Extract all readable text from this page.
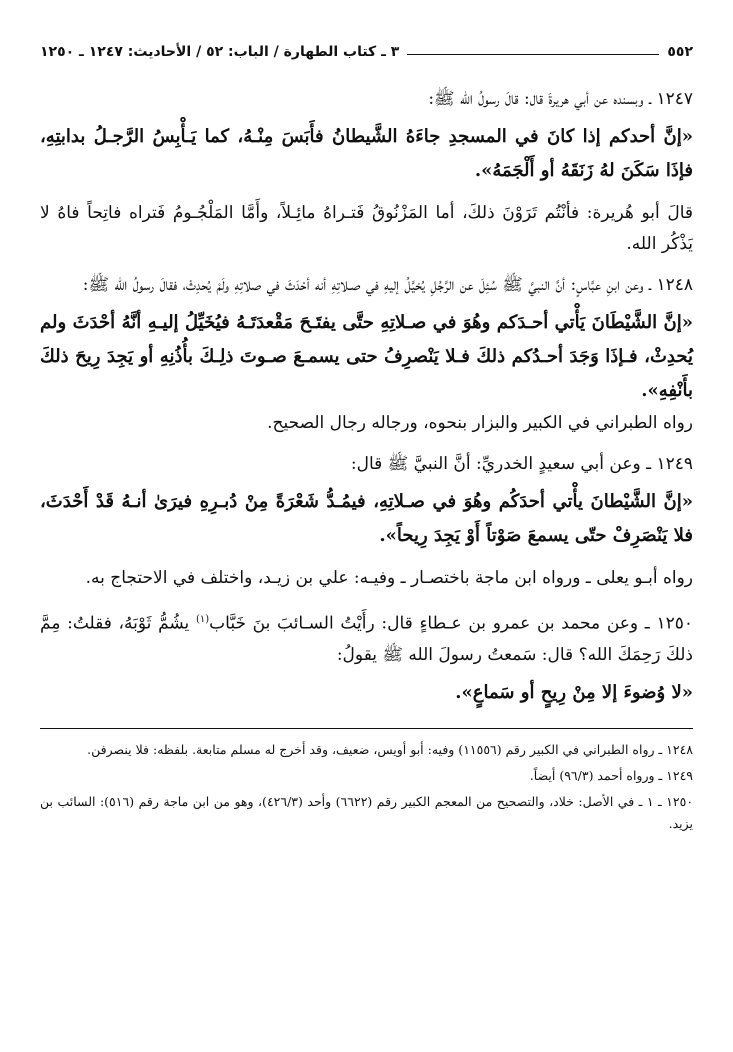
٥٥٢
٣ ـ كتاب الطهارة / الباب: ٥٢ / الأحاديث: ١٢٤٧ ـ ١٢٥٠

١٢٤٧ ـ وبسنده عن أبي هريرةَ قال: قالَ رسولُ الله ﷺ:

«إنَّ أحدكم إذا كانَ في المسجدِ جاءَهُ الشَّيطانُ فأَبَسَ مِنْـهُ، كما يَـأْبِسُ الرَّجـلُ بدابتِهِ، فإذَا سَكَنَ لهُ زَنَقَهُ أو أَلْجَمَهُ».

قالَ أبو هُريرة: فأنْتُم تَرَوْنَ ذلكَ، أما المَزْنُوقُ فَتـراهُ مائِـلاً، وأَمَّا المَلْجُـومُ فَتراه فاتِحاً فاهُ لا يَذْكُر الله.

١٢٤٨ ـ وعن ابنِ عبَّاسٍ: أنَّ النبيَّ ﷺ سُئِلَ عن الرَّجُلِ يُخيَّلُ إليهِ في صـلاتِهِ أنه أحْدَثَ في صلاتِهِ ولَمْ يُحدِثْ، فقالَ رسولُ الله ﷺ:

«إنَّ الشَّيْطَانَ يَأْتي أحـدَكم وهُوَ في صـلاتِهِ حتَّى يفتَـحَ مَقْعدَتَـهُ فيُخَيِّلُ إليـهِ أنَّهُ أحْدَثَ ولم يُحدِثْ، فـإذَا وَجَدَ أحـدُكم ذلكَ فـلا يَنْصرِفُ حتى يسمـعَ صـوتَ ذلِـكَ بأُذُنِهِ أو يَجِدَ رِيحَ ذلكَ بأَنْفِهِ».

رواه الطبراني في الكبير والبزار بنحوه، ورجاله رجال الصحيح.

١٢٤٩ ـ وعن أبي سعيدٍ الخدريِّ: أنَّ النبيَّ ﷺ قال:

«إنَّ الشَّيْطانَ يأْتي أحدَكُم وهُوَ في صـلاتِهِ، فيمُـدُّ شَعْرَةً مِنْ دُبـرِهِ فيرَىٰ أنـهُ قَدْ أَحْدَثَ، فلا يَنْصَرِفْ حتّى يسمعَ صَوْتاً أَوْ يَجِدَ رِيحاً».

رواه أبـو يعلى ـ ورواه ابن ماجة باختصـار ـ وفيـه: علي بن زيـد، واختلف في الاحتجاج به.

١٢٥٠ ـ وعن محمد بن عمرو بن عـطاءٍ قال: رأَيْتُ السـائبَ بنَ خَبَّاب$^{(١)}$ يشُمُّ ثَوْبَهُ، فقلتُ: مِمَّ ذلكَ رَحِمَكَ الله؟ قال: سَمعتُ رسولَ الله ﷺ يقولُ:

«لا وُضوءَ إلا مِنْ رِيحٍ أو سَماعٍ».

١٢٤٨ ـ رواه الطبراني في الكبير رقم (١١٥٥٦) وفيه: أبو أويس، ضعيف، وقد أخرج له مسلم متابعة. بلفظه: فلا ينصرفن.

١٢٤٩ ـ ورواه أحمد (٩٦/٣) أيضاً.

١٢٥٠ ـ ١ ـ في الأصل: خلاد، والتصحيح من المعجم الكبير رقم (٦٦٢٢) وأحد (٤٢٦/٣)، وهو من ابن ماجة رقم (٥١٦): السائب بن يزيد.
